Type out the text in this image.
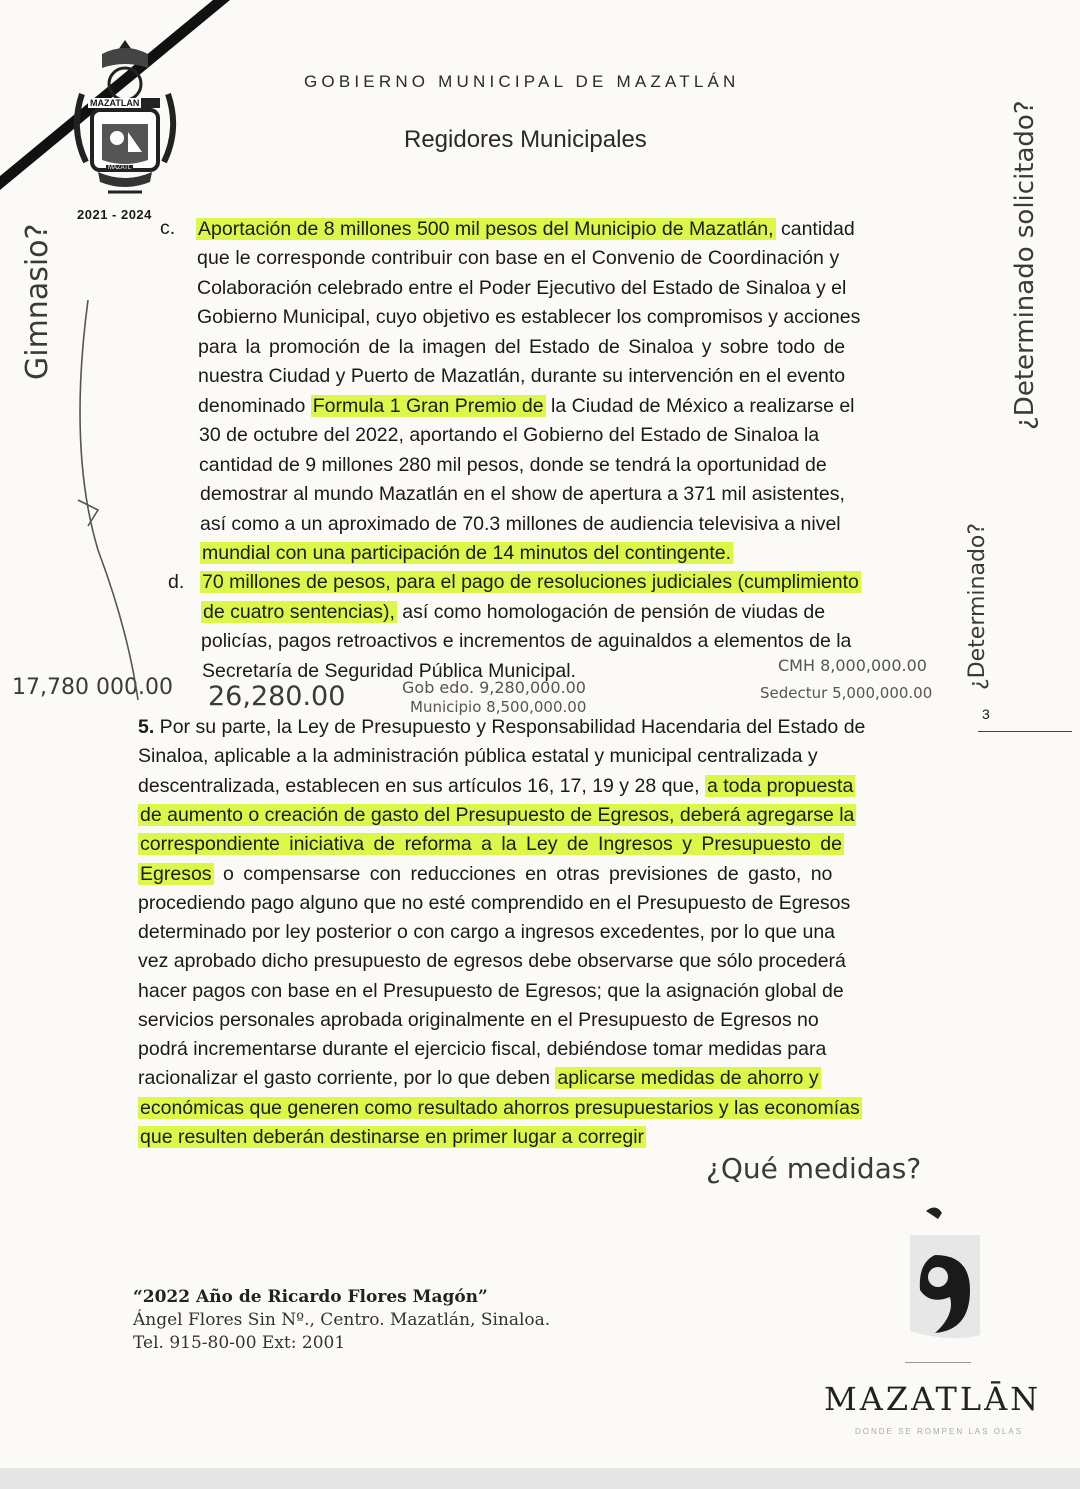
MAZATLAN
MAZATL
2021 - 2024
GOBIERNO MUNICIPAL DE MAZATLÁN
Regidores Municipales
c. Aportación de 8 millones 500 mil pesos del Municipio de Mazatlán, cantidad
que le corresponde contribuir con base en el Convenio de Coordinación y
Colaboración celebrado entre el Poder Ejecutivo del Estado de Sinaloa y el
Gobierno Municipal, cuyo objetivo es establecer los compromisos y acciones
para la promoción de la imagen del Estado de Sinaloa y sobre todo de
nuestra Ciudad y Puerto de Mazatlán, durante su intervención en el evento
denominado Formula 1 Gran Premio de la Ciudad de México a realizarse el
30 de octubre del 2022, aportando el Gobierno del Estado de Sinaloa la
cantidad de 9 millones 280 mil pesos, donde se tendrá la oportunidad de
demostrar al mundo Mazatlán en el show de apertura a 371 mil asistentes,
así como a un aproximado de 70.3 millones de audiencia televisiva a nivel
mundial con una participación de 14 minutos del contingente.
d. 70 millones de pesos, para el pago de resoluciones judiciales (cumplimiento
de cuatro sentencias), así como homologación de pensión de viudas de
policías, pagos retroactivos e incrementos de aguinaldos a elementos de la
Secretaría de Seguridad Pública Municipal.
17,780 000.00 26,280.00	Gob edo. 9,280,000.00
Municipio 8,500,000.00
CMH 8,000,000.00
Sedectur 5,000,000.00
3
5. Por su parte, la Ley de Presupuesto y Responsabilidad Hacendaria del Estado de
Sinaloa, aplicable a la administración pública estatal y municipal centralizada y
descentralizada, establecen en sus artículos 16, 17, 19 y 28 que, a toda propuesta
de aumento o creación de gasto del Presupuesto de Egresos, deberá agregarse la
correspondiente iniciativa de reforma a la Ley de Ingresos y Presupuesto de
Egresos o compensarse con reducciones en otras previsiones de gasto, no
procediendo pago alguno que no esté comprendido en el Presupuesto de Egresos
determinado por ley posterior o con cargo a ingresos excedentes, por lo que una
vez aprobado dicho presupuesto de egresos debe observarse que sólo procederá
hacer pagos con base en el Presupuesto de Egresos; que la asignación global de
servicios personales aprobada originalmente en el Presupuesto de Egresos no
podrá incrementarse durante el ejercicio fiscal, debiéndose tomar medidas para
racionalizar el gasto corriente, por lo que deben aplicarse medidas de ahorro y
económicas que generen como resultado ahorros presupuestarios y las economías
que resulten deberán destinarse en primer lugar a corregir
Gimnasio?	¿Determinado solicitado?
¿Determinado?
¿Qué medidas?
“2022 Año de Ricardo Flores Magón”
Ángel Flores Sin Nº., Centro. Mazatlán, Sinaloa.
Tel. 915-80-00 Ext: 2001
MAZATLĀN
DONDE SE ROMPEN LAS OLAS
